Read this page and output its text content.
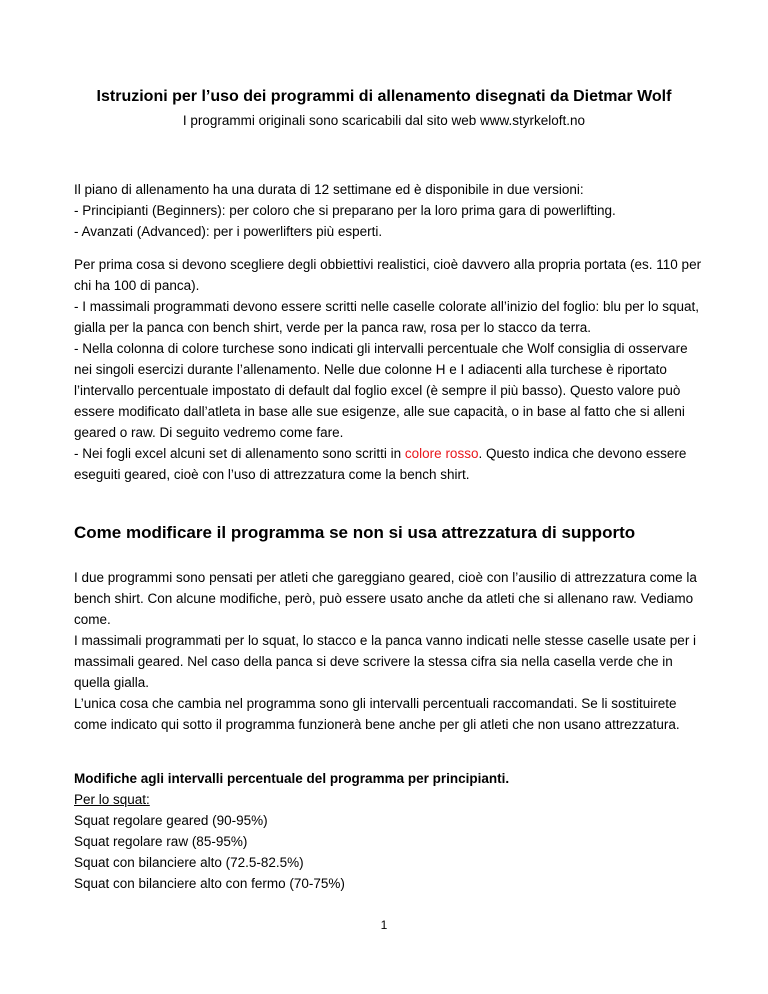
Istruzioni per l’uso dei programmi di allenamento disegnati da Dietmar Wolf
I programmi originali sono scaricabili dal sito web www.styrkeloft.no

Il piano di allenamento ha una durata di 12 settimane ed è disponibile in due versioni:

- Principianti (Beginners): per coloro che si preparano per la loro prima gara di powerlifting.

- Avanzati (Advanced): per i powerlifters più esperti.

Per prima cosa si devono scegliere degli obbiettivi realistici, cioè davvero alla propria portata (es. 110 per chi ha 100 di panca).

- I massimali programmati devono essere scritti nelle caselle colorate all’inizio del foglio: blu per lo squat, gialla per la panca con bench shirt, verde per la panca raw, rosa per lo stacco da terra.

- Nella colonna di colore turchese sono indicati gli intervalli percentuale che Wolf consiglia di osservare nei singoli esercizi durante l’allenamento. Nelle due colonne H e I adiacenti alla turchese è riportato l’intervallo percentuale impostato di default dal foglio excel (è sempre il più basso). Questo valore può essere modificato dall’atleta in base alle sue esigenze, alle sue capacità, o in base al fatto che si alleni geared o raw. Di seguito vedremo come fare.

- Nei fogli excel alcuni set di allenamento sono scritti in colore rosso. Questo indica che devono essere eseguiti geared, cioè con l’uso di attrezzatura come la bench shirt.

Come modificare il programma se non si usa attrezzatura di supporto

I due programmi sono pensati per atleti che gareggiano geared, cioè con l’ausilio di attrezzatura come la bench shirt. Con alcune modifiche, però, può essere usato anche da atleti che si allenano raw. Vediamo come.

I massimali programmati per lo squat, lo stacco e la panca vanno indicati nelle stesse caselle usate per i massimali geared. Nel caso della panca si deve scrivere la stessa cifra sia nella casella verde che in quella gialla.

L’unica cosa che cambia nel programma sono gli intervalli percentuali raccomandati. Se li sostituirete come indicato qui sotto il programma funzionerà bene anche per gli atleti che non usano attrezzatura.

Modifiche agli intervalli percentuale del programma per principianti.

Per lo squat:

Squat regolare geared (90-95%)

Squat regolare raw (85-95%)

Squat con bilanciere alto (72.5-82.5%)

Squat con bilanciere alto con fermo (70-75%)

1
